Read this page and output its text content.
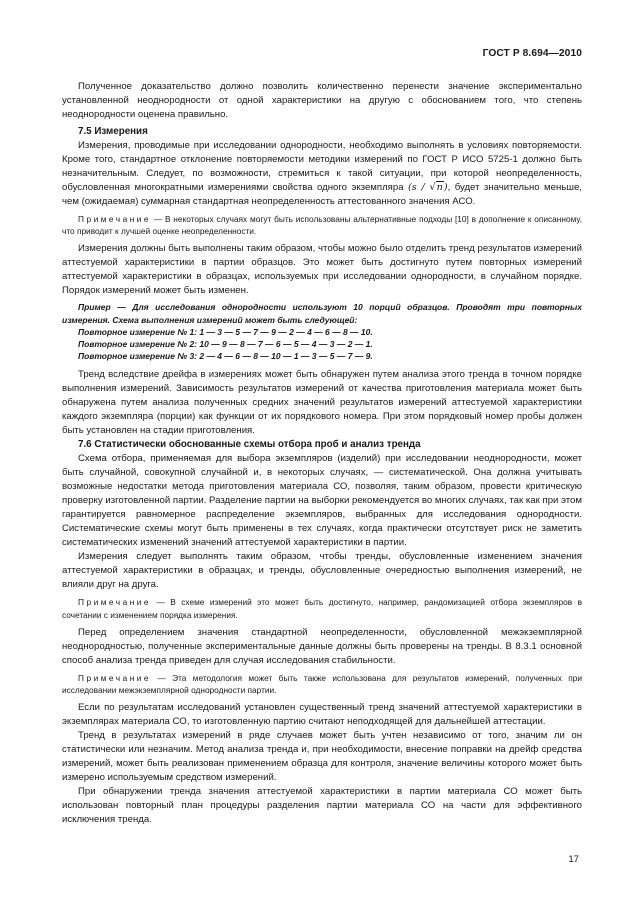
ГОСТ Р 8.694—2010

Полученное доказательство должно позволить количественно перенести значение экспериментально установленной неоднородности от одной характеристики на другую с обоснованием того, что степень неоднородности оценена правильно.

7.5 Измерения

Измерения, проводимые при исследовании однородности, необходимо выполнять в условиях повторяемости. Кроме того, стандартное отклонение повторяемости методики измерений по ГОСТ Р ИСО 5725-1 должно быть незначительным. Следует, по возможности, стремиться к такой ситуации, при которой неопределенность, обусловленная многократными измерениями свойства одного экземпляра (s / √n), будет значительно меньше, чем (ожидаемая) суммарная стандартная неопределенность аттестованного значения АСО.

Примечание — В некоторых случаях могут быть использованы альтернативные подходы [10] в дополнение к описанному, что приводит к лучшей оценке неопределенности.

Измерения должны быть выполнены таким образом, чтобы можно было отделить тренд результатов измерений аттестуемой характеристики в партии образцов. Это может быть достигнуто путем повторных измерений аттестуемой характеристики в образцах, используемых при исследовании однородности, в случайном порядке. Порядок измерений может быть изменен.

Пример — Для исследования однородности используют 10 порций образцов. Проводят три повторных измерения. Схема выполнения измерений может быть следующей:

Повторное измерение № 1: 1 — 3 — 5 — 7 — 9 — 2 — 4 — 6 — 8 — 10.

Повторное измерение № 2: 10 — 9 — 8 — 7 — 6 — 5 — 4 — 3 — 2 — 1.

Повторное измерение № 3: 2 — 4 — 6 — 8 — 10 — 1 — 3 — 5 — 7 — 9.

Тренд вследствие дрейфа в измерениях может быть обнаружен путем анализа этого тренда в точном порядке выполнения измерений. Зависимость результатов измерений от качества приготовления материала может быть обнаружена путем анализа полученных средних значений результатов измерений аттестуемой характеристики каждого экземпляра (порции) как функции от их порядкового номера. При этом порядковый номер пробы должен быть установлен на стадии приготовления.

7.6 Статистически обоснованные схемы отбора проб и анализ тренда

Схема отбора, применяемая для выбора экземпляров (изделий) при исследовании неоднородности, может быть случайной, совокупной случайной и, в некоторых случаях, — систематической. Она должна учитывать возможные недостатки метода приготовления материала СО, позволяя, таким образом, провести критическую проверку изготовленной партии. Разделение партии на выборки рекомендуется во многих случаях, так как при этом гарантируется равномерное распределение экземпляров, выбранных для исследования однородности. Систематические схемы могут быть применены в тех случаях, когда практически отсутствует риск не заметить систематических изменений значений аттестуемой характеристики в партии.

Измерения следует выполнять таким образом, чтобы тренды, обусловленные изменением значения аттестуемой характеристики в образцах, и тренды, обусловленные очередностью выполнения измерений, не влияли друг на друга.

Примечание — В схеме измерений это может быть достигнуто, например, рандомизацией отбора экземпляров в сочетании с изменением порядка измерения.

Перед определением значения стандартной неопределенности, обусловленной межэкземплярной неоднородностью, полученные экспериментальные данные должны быть проверены на тренды. В 8.3.1 основной способ анализа тренда приведен для случая исследования стабильности.

Примечание — Эта методология может быть также использована для результатов измерений, полученных при исследовании межэкземплярной однородности партии.

Если по результатам исследований установлен существенный тренд значений аттестуемой характеристики в экземплярах материала СО, то изготовленную партию считают неподходящей для дальнейшей аттестации.

Тренд в результатах измерений в ряде случаев может быть учтен независимо от того, значим ли он статистически или незначим. Метод анализа тренда и, при необходимости, внесение поправки на дрейф средства измерений, может быть реализован применением образца для контроля, значение величины которого может быть измерено используемым средством измерений.

При обнаружении тренда значения аттестуемой характеристики в партии материала СО может быть использован повторный план процедуры разделения партии материала СО на части для эффективного исключения тренда.

17
